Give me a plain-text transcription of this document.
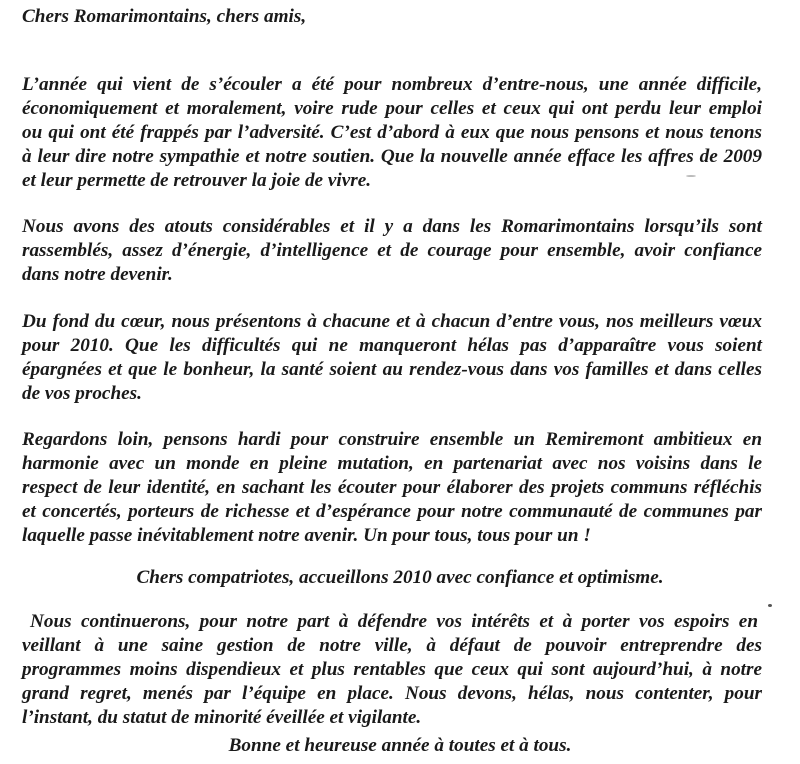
Chers Romarimontains, chers amis,
L’année qui vient de s’écouler a été pour nombreux d’entre-nous, une année difficile,
économiquement et moralement, voire rude pour celles et ceux qui ont perdu leur emploi
ou qui ont été frappés par l’adversité. C’est d’abord à eux que nous pensons et nous tenons
à leur dire notre sympathie et notre soutien. Que la nouvelle année efface les affres de 2009
et leur permette de retrouver la joie de vivre.
Nous avons des atouts considérables et il y a dans les Romarimontains lorsqu’ils sont
rassemblés, assez d’énergie, d’intelligence et de courage pour ensemble, avoir confiance
dans notre devenir.
Du fond du cœur, nous présentons à chacune et à chacun d’entre vous, nos meilleurs vœux
pour 2010. Que les difficultés qui ne manqueront hélas pas d’apparaître vous soient
épargnées et que le bonheur, la santé soient au rendez-vous dans vos familles et dans celles
de vos proches.
Regardons loin, pensons hardi pour construire ensemble un Remiremont ambitieux en
harmonie avec un monde en pleine mutation, en partenariat avec nos voisins dans le
respect de leur identité, en sachant les écouter pour élaborer des projets communs réfléchis
et concertés, porteurs de richesse et d’espérance pour notre communauté de communes par
laquelle passe inévitablement notre avenir. Un pour tous, tous pour un !
Chers compatriotes, accueillons 2010 avec confiance et optimisme.
Nous continuerons, pour notre part à défendre vos intérêts et à porter vos espoirs en
veillant à une saine gestion de notre ville, à défaut de pouvoir entreprendre des
programmes moins dispendieux et plus rentables que ceux qui sont aujourd’hui, à notre
grand regret, menés par l’équipe en place. Nous devons, hélas, nous contenter, pour
l’instant, du statut de minorité éveillée et vigilante.
Bonne et heureuse année à toutes et à tous.
